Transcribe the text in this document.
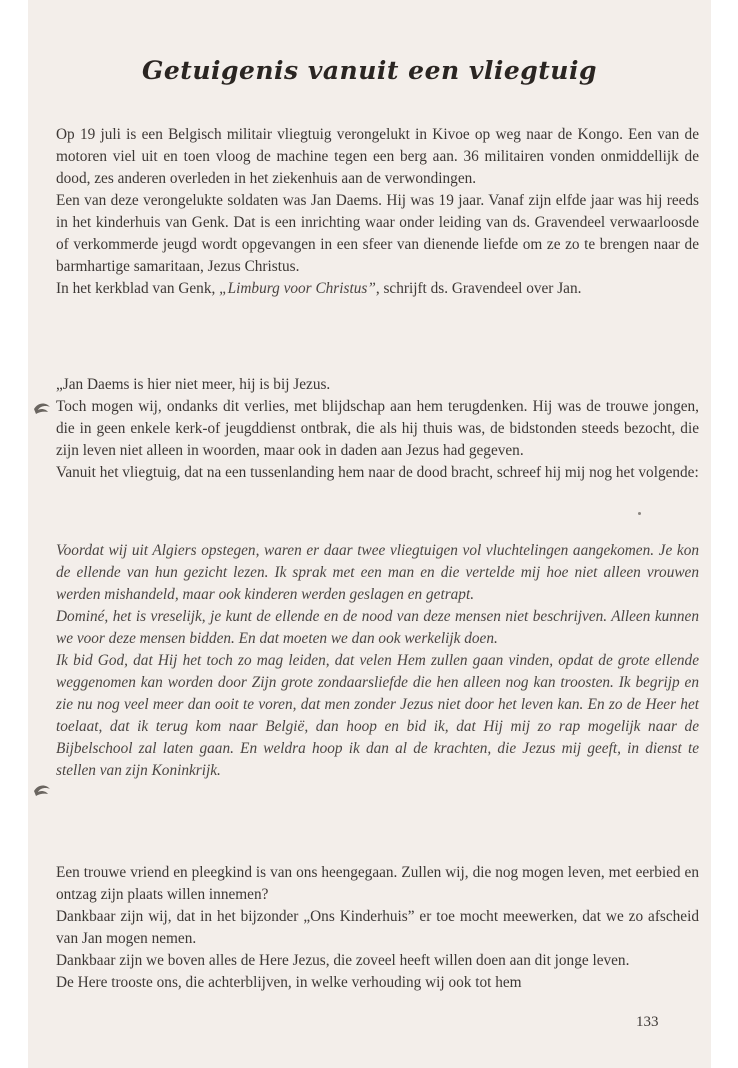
Getuigenis vanuit een vliegtuig

Op 19 juli is een Belgisch militair vliegtuig verongelukt in Kivoe op weg naar de Kongo. Een van de motoren viel uit en toen vloog de machine tegen een berg aan. 36 militairen vonden onmiddellijk de dood, zes anderen overleden in het ziekenhuis aan de verwondingen.

Een van deze verongelukte soldaten was Jan Daems. Hij was 19 jaar. Vanaf zijn elfde jaar was hij reeds in het kinderhuis van Genk. Dat is een inrichting waar onder leiding van ds. Gravendeel verwaarloosde of verkommerde jeugd wordt opgevangen in een sfeer van dienende liefde om ze zo te brengen naar de barmhartige samaritaan, Jezus Christus.

In het kerkblad van Genk, „Limburg voor Christus”, schrijft ds. Gravendeel over Jan.

„Jan Daems is hier niet meer, hij is bij Jezus.

Toch mogen wij, ondanks dit verlies, met blijdschap aan hem terugdenken. Hij was de trouwe jongen, die in geen enkele kerk-of jeugddienst ontbrak, die als hij thuis was, de bidstonden steeds bezocht, die zijn leven niet alleen in woorden, maar ook in daden aan Jezus had gegeven.

Vanuit het vliegtuig, dat na een tussenlanding hem naar de dood bracht, schreef hij mij nog het volgende:

Voordat wij uit Algiers opstegen, waren er daar twee vliegtuigen vol vluchtelingen aangekomen. Je kon de ellende van hun gezicht lezen. Ik sprak met een man en die vertelde mij hoe niet alleen vrouwen werden mishandeld, maar ook kinderen werden geslagen en getrapt.

Dominé, het is vreselijk, je kunt de ellende en de nood van deze mensen niet beschrijven. Alleen kunnen we voor deze mensen bidden. En dat moeten we dan ook werkelijk doen.

Ik bid God, dat Hij het toch zo mag leiden, dat velen Hem zullen gaan vinden, opdat de grote ellende weggenomen kan worden door Zijn grote zondaarsliefde die hen alleen nog kan troosten. Ik begrijp en zie nu nog veel meer dan ooit te voren, dat men zonder Jezus niet door het leven kan. En zo de Heer het toelaat, dat ik terug kom naar België, dan hoop en bid ik, dat Hij mij zo rap mogelijk naar de Bijbelschool zal laten gaan. En weldra hoop ik dan al de krachten, die Jezus mij geeft, in dienst te stellen van zijn Koninkrijk.

Een trouwe vriend en pleegkind is van ons heengegaan. Zullen wij, die nog mogen leven, met eerbied en ontzag zijn plaats willen innemen?

Dankbaar zijn wij, dat in het bijzonder „Ons Kinderhuis” er toe mocht meewerken, dat we zo afscheid van Jan mogen nemen.

Dankbaar zijn we boven alles de Here Jezus, die zoveel heeft willen doen aan dit jonge leven.

De Here trooste ons, die achterblijven, in welke verhouding wij ook tot hem

133
